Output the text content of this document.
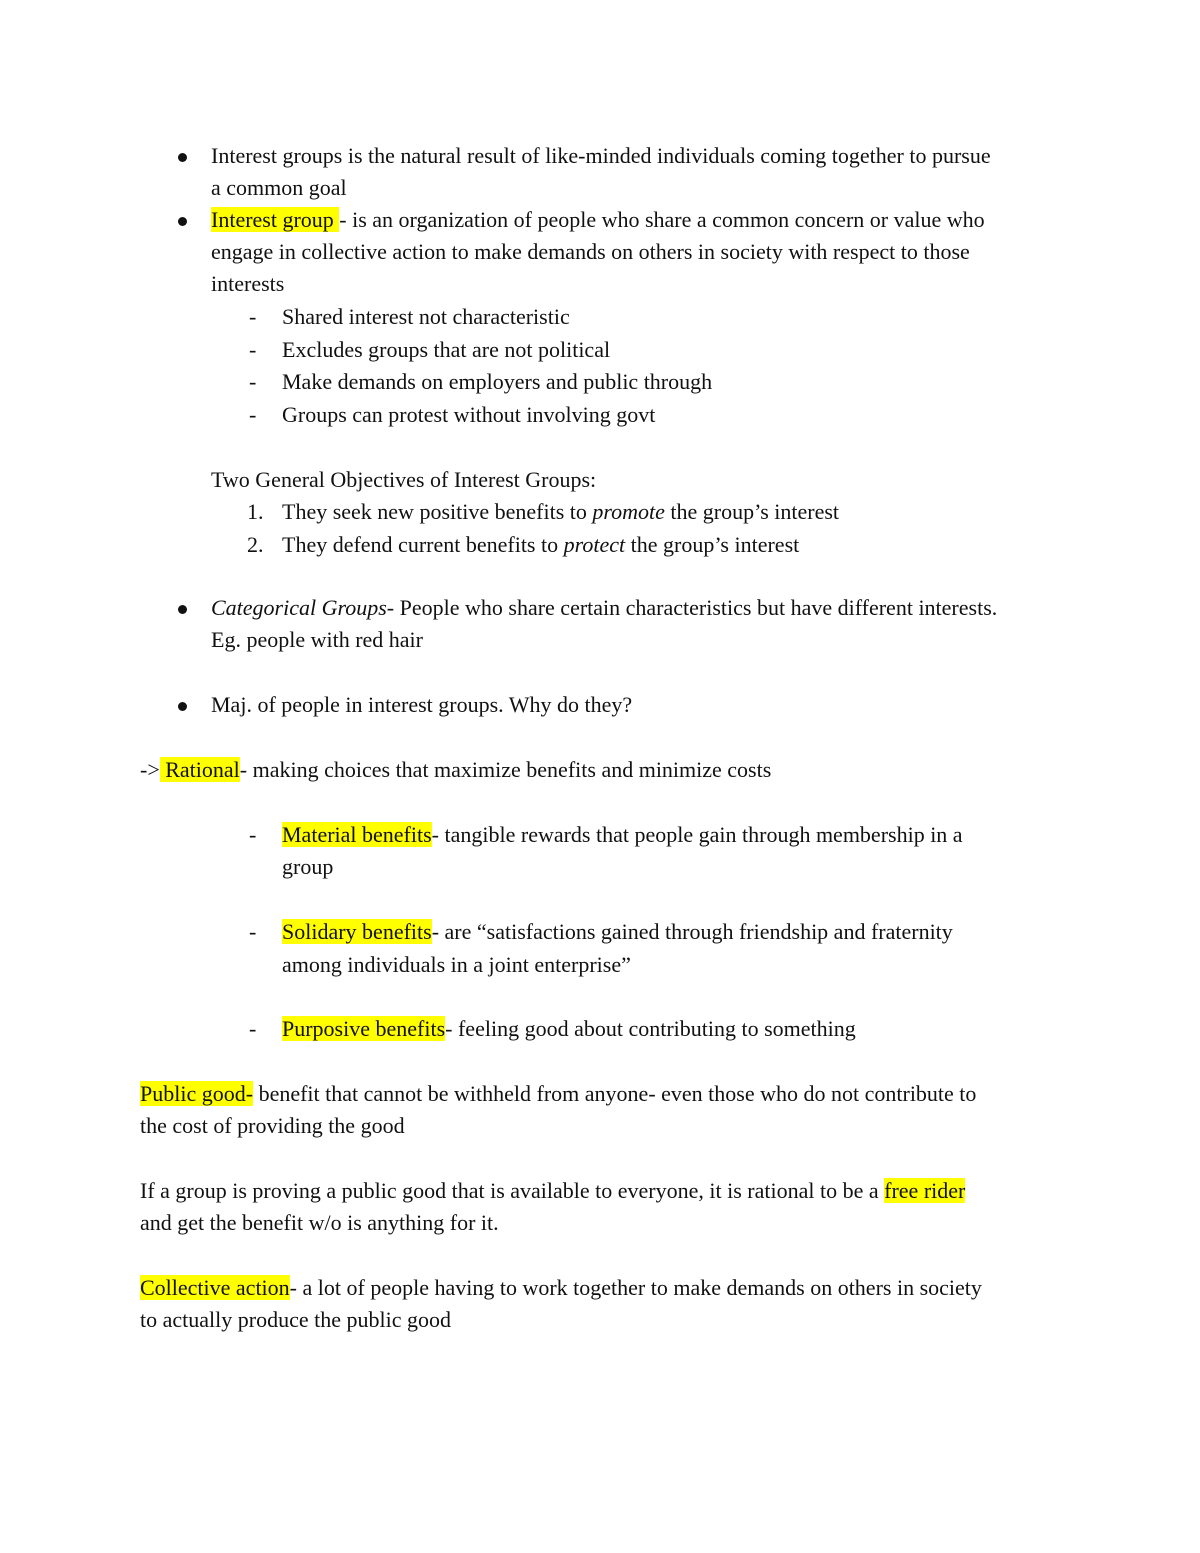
Interest groups is the natural result of like-minded individuals coming together to pursue
a common goal
Interest group - is an organization of people who share a common concern or value who
engage in collective action to make demands on others in society with respect to those
interests
- Shared interest not characteristic
- Excludes groups that are not political
- Make demands on employers and public through
- Groups can protest without involving govt
Two General Objectives of Interest Groups:
1. They seek new positive benefits to promote the group’s interest
2. They defend current benefits to protect the group’s interest
Categorical Groups- People who share certain characteristics but have different interests.
Eg. people with red hair
Maj. of people in interest groups. Why do they?
-> Rational- making choices that maximize benefits and minimize costs
- Material benefits- tangible rewards that people gain through membership in a
group
- Solidary benefits- are “satisfactions gained through friendship and fraternity
among individuals in a joint enterprise”
- Purposive benefits- feeling good about contributing to something
Public good- benefit that cannot be withheld from anyone- even those who do not contribute to
the cost of providing the good
If a group is proving a public good that is available to everyone, it is rational to be a free rider
and get the benefit w/o is anything for it.
Collective action- a lot of people having to work together to make demands on others in society
to actually produce the public good
